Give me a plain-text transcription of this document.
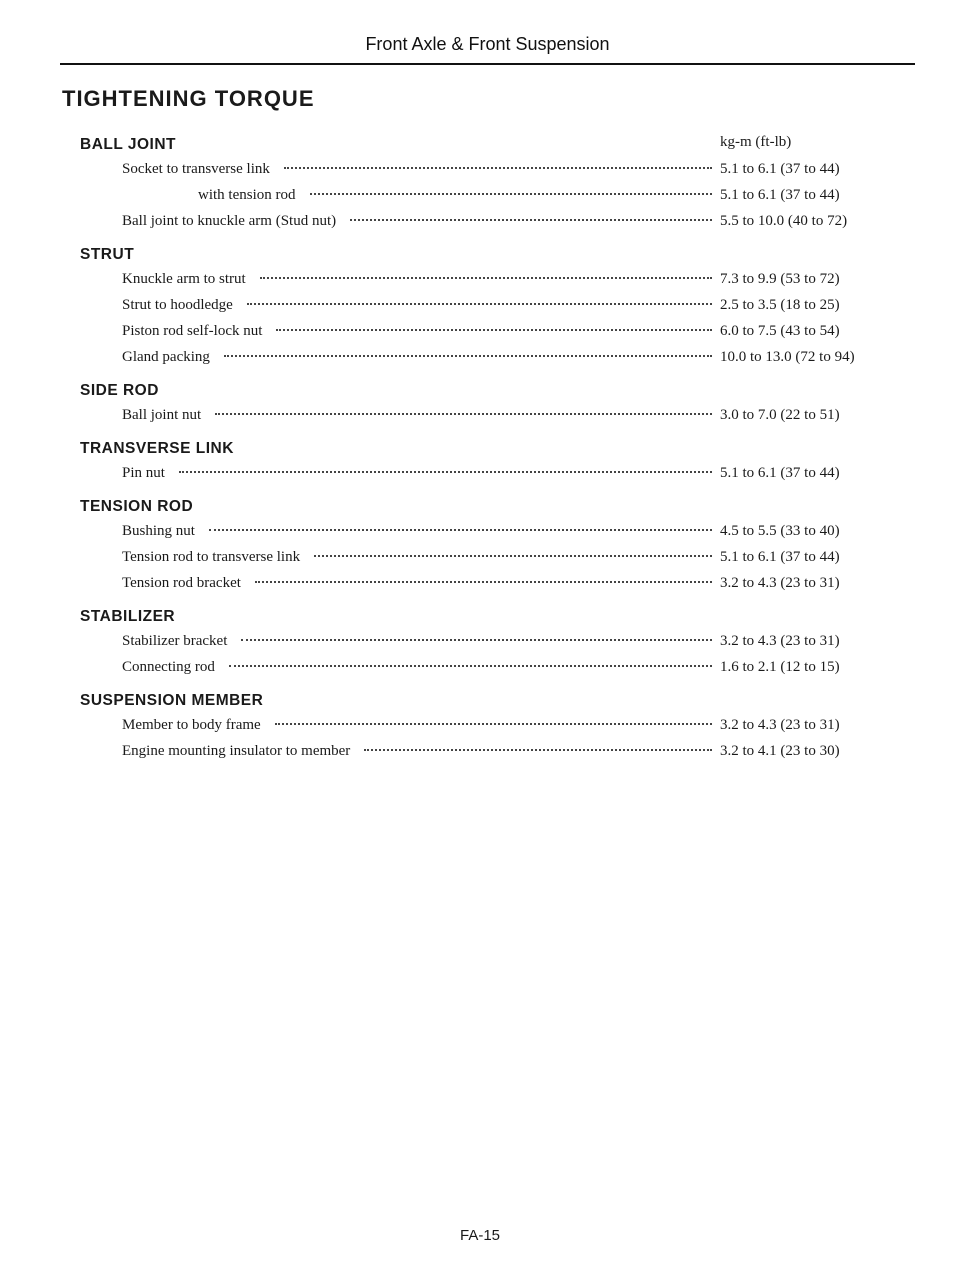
Front Axle & Front Suspension
TIGHTENING TORQUE
kg-m (ft-lb)
BALL JOINT
Socket to transverse link	5.1 to 6.1 (37 to 44)
with tension rod	5.1 to 6.1 (37 to 44)
Ball joint to knuckle arm (Stud nut)	5.5 to 10.0 (40 to 72)
STRUT
Knuckle arm to strut	7.3 to 9.9 (53 to 72)
Strut to hoodledge	2.5 to 3.5 (18 to 25)
Piston rod self-lock nut	6.0 to 7.5 (43 to 54)
Gland packing	10.0 to 13.0 (72 to 94)
SIDE ROD
Ball joint nut	3.0 to 7.0 (22 to 51)
TRANSVERSE LINK
Pin nut	5.1 to 6.1 (37 to 44)
TENSION ROD
Bushing nut	4.5 to 5.5 (33 to 40)
Tension rod to transverse link	5.1 to 6.1 (37 to 44)
Tension rod bracket	3.2 to 4.3 (23 to 31)
STABILIZER
Stabilizer bracket	3.2 to 4.3 (23 to 31)
Connecting rod	1.6 to 2.1 (12 to 15)
SUSPENSION MEMBER
Member to body frame	3.2 to 4.3 (23 to 31)
Engine mounting insulator to member	3.2 to 4.1 (23 to 30)
FA-15
